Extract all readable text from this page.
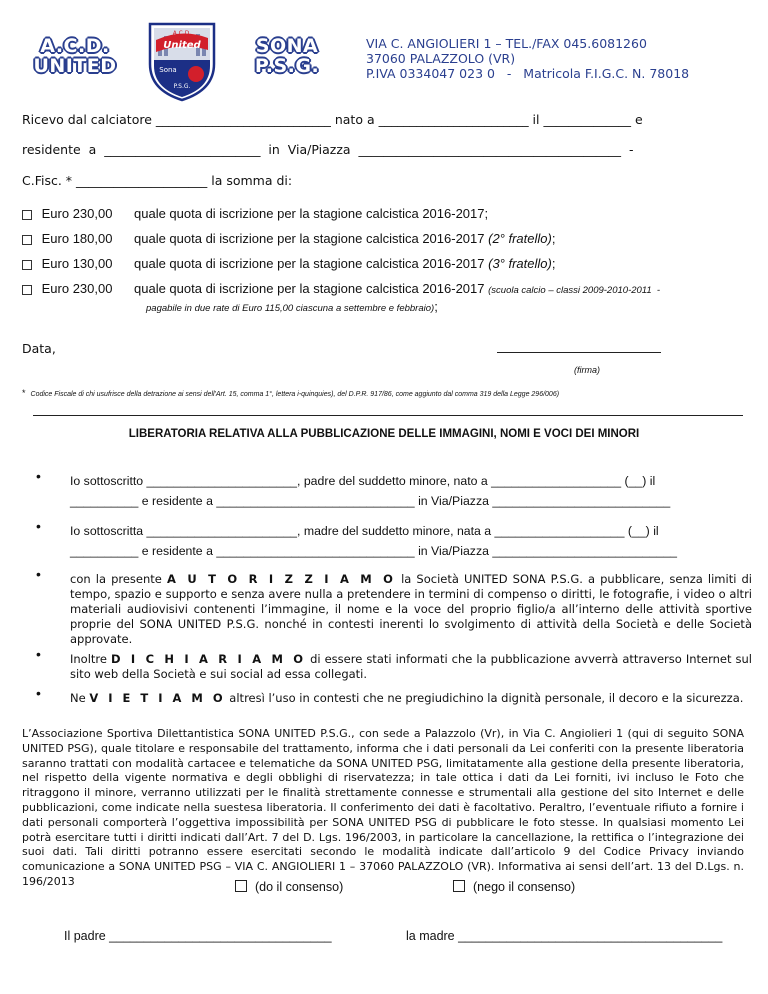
A.C.D.
UNITED
A.C.D.
United
Sona
P.S.G.
SONA
P.S.G.
VIA C. ANGIOLIERI 1 – TEL./FAX 045.6081260
37060 PALAZZOLO (VR)
P.IVA 0334047 023 0   -   Matricola F.I.G.C. N. 78018
Ricevo dal calciatore ____________________________ nato a ________________________ il ______________ e
residente  a  _________________________  in  Via/Piazza  __________________________________________  -
C.Fisc. * _____________________ la somma di:
Euro 230,00 quale quota di iscrizione per la stagione calcistica 2016-2017;
Euro 180,00 quale quota di iscrizione per la stagione calcistica 2016-2017 (2° fratello);
Euro 130,00 quale quota di iscrizione per la stagione calcistica 2016-2017 (3° fratello);
Euro 230,00 quale quota di iscrizione per la stagione calcistica 2016-2017 (scuola calcio – classi 2009-2010-2011  -
pagabile in due rate di Euro 115,00 ciascuna a settembre e febbraio);
Data,
(firma)
* Codice Fiscale di chi usufrisce della detrazione ai sensi dell'Art. 15, comma 1°, lettera i-quinquies), del D.P.R. 917/86, come aggiunto dal comma 319 della Legge 296/006)
LIBERATORIA RELATIVA ALLA PUBBLICAZIONE DELLE IMMAGINI, NOMI E VOCI DEI MINORI
• Io sottoscritto ______________________, padre del suddetto minore, nato a ___________________ (__) il
__________ e residente a _____________________________ in Via/Piazza __________________________
• Io sottoscritta ______________________, madre del suddetto minore, nata a ___________________ (__) il
__________ e residente a _____________________________ in Via/Piazza ___________________________
•	con la presente A U T O R I Z Z I A M O la Società UNITED SONA P.S.G. a pubblicare, senza limiti di tempo, spazio e supporto e senza avere nulla a pretendere in termini di compenso o diritti, le fotografie, i video o altri materiali audiovisivi contenenti l’immagine, il nome e la voce del proprio figlio/a all’interno delle attività sportive proprie del SONA UNITED P.S.G. nonché in contesti inerenti lo svolgimento di attività della Società e delle Società approvate.
•	Inoltre D I C H I A R I A M O di essere stati informati che la pubblicazione avverrà attraverso Internet sul sito web della Società e sui social ad essa collegati.
•	Ne V I E T I A M O altresì l’uso in contesti che ne pregiudichino la dignità personale, il decoro e la sicurezza.
L’Associazione Sportiva Dilettantistica SONA UNITED P.S.G., con sede a Palazzolo (Vr), in Via C. Angiolieri 1 (qui di seguito SONA UNITED PSG), quale titolare e responsabile del trattamento, informa che i dati personali da Lei conferiti con la presente liberatoria saranno trattati con modalità cartacee e telematiche da SONA UNITED PSG, limitatamente alla gestione della presente liberatoria, nel rispetto della vigente normativa e degli obblighi di riservatezza; in tale ottica i dati da Lei forniti, ivi incluso le Foto che ritraggono il minore, verranno utilizzati per le finalità strettamente connesse e strumentali alla gestione del sito Internet e delle pubblicazioni, come indicate nella suestesa liberatoria. Il conferimento dei dati è facoltativo. Peraltro, l’eventuale rifiuto a fornire i dati personali comporterà l’oggettiva impossibilità per SONA UNITED PSG di pubblicare le foto stesse. In qualsiasi momento Lei potrà esercitare tutti i diritti indicati dall’Art. 7 del D. Lgs. 196/2003, in particolare la cancellazione, la rettifica o l’integrazione dei suoi dati. Tali diritti potranno essere esercitati secondo le modalità indicate dall’articolo 9 del Codice Privacy inviando comunicazione a SONA UNITED PSG – VIA C. ANGIOLIERI 1 – 37060 PALAZZOLO (VR). Informativa ai sensi dell’art. 13 del D.Lgs. n. 196/2013	(do il consenso)	(nego il consenso)
Il padre ________________________________	la madre ______________________________________
